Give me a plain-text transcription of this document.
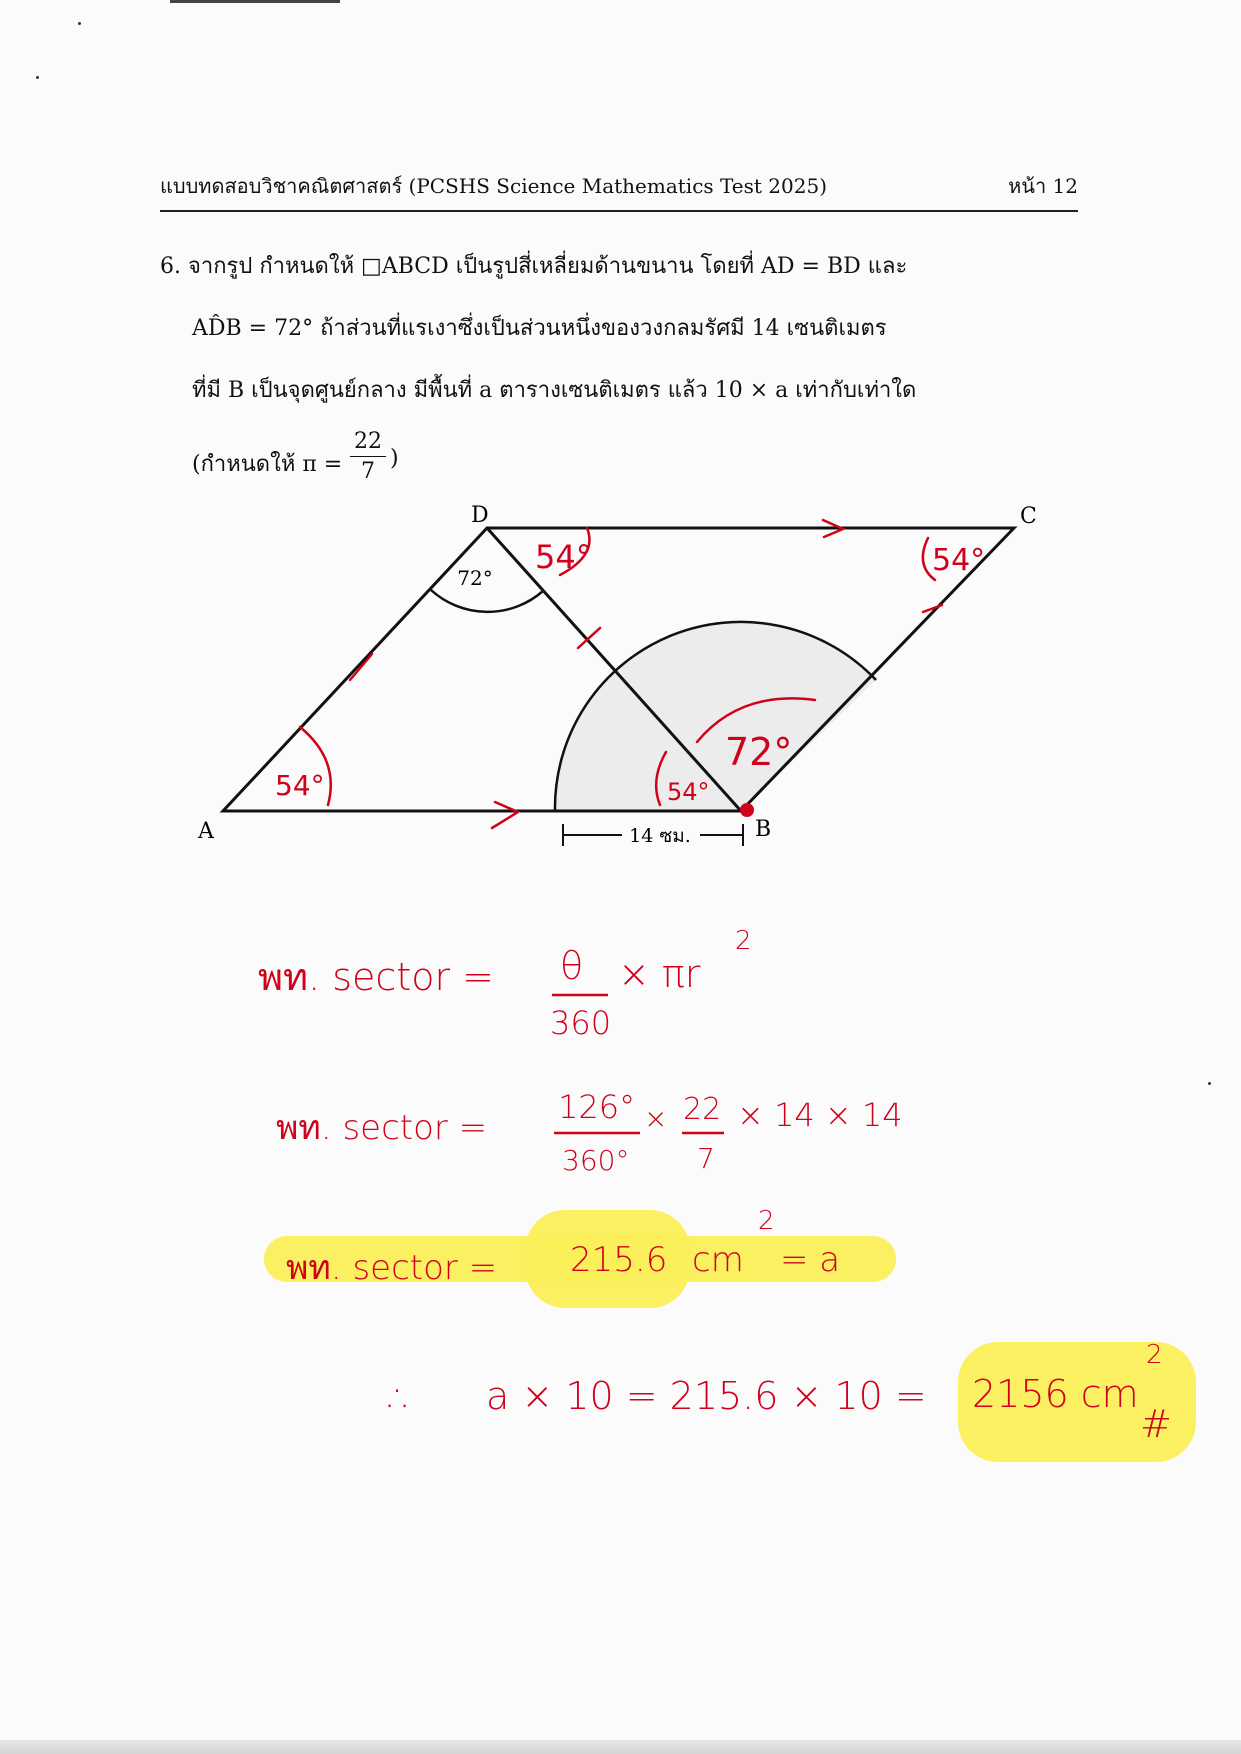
แบบทดสอบวิชาคณิตศาสตร์ (PCSHS Science Mathematics Test 2025)	หน้า 12
6. จากรูป กำหนดให้ □ABCD เป็นรูปสี่เหลี่ยมด้านขนาน โดยที่ AD = BD และ
AD̂B = 72° ถ้าส่วนที่แรเงาซึ่งเป็นส่วนหนึ่งของวงกลมรัศมี 14 เซนติเมตร
ที่มี B เป็นจุดศูนย์กลาง มีพื้นที่ a ตารางเซนติเมตร แล้ว 10 × a เท่ากับเท่าใด
(กำหนดให้ $\pi = \frac{22}{7}$ )
72°
A	B
C
D
14 ซม.
54°	54°
72°
54°	54°
พท. sector = θ
360
× πr
2
พท. sector =
126°
360°
× 22
7
× 14 × 14
พท. sector = 215.6 cm
2
= a
∴ a × 10 = 215.6 × 10 = 2156 cm
2
#
